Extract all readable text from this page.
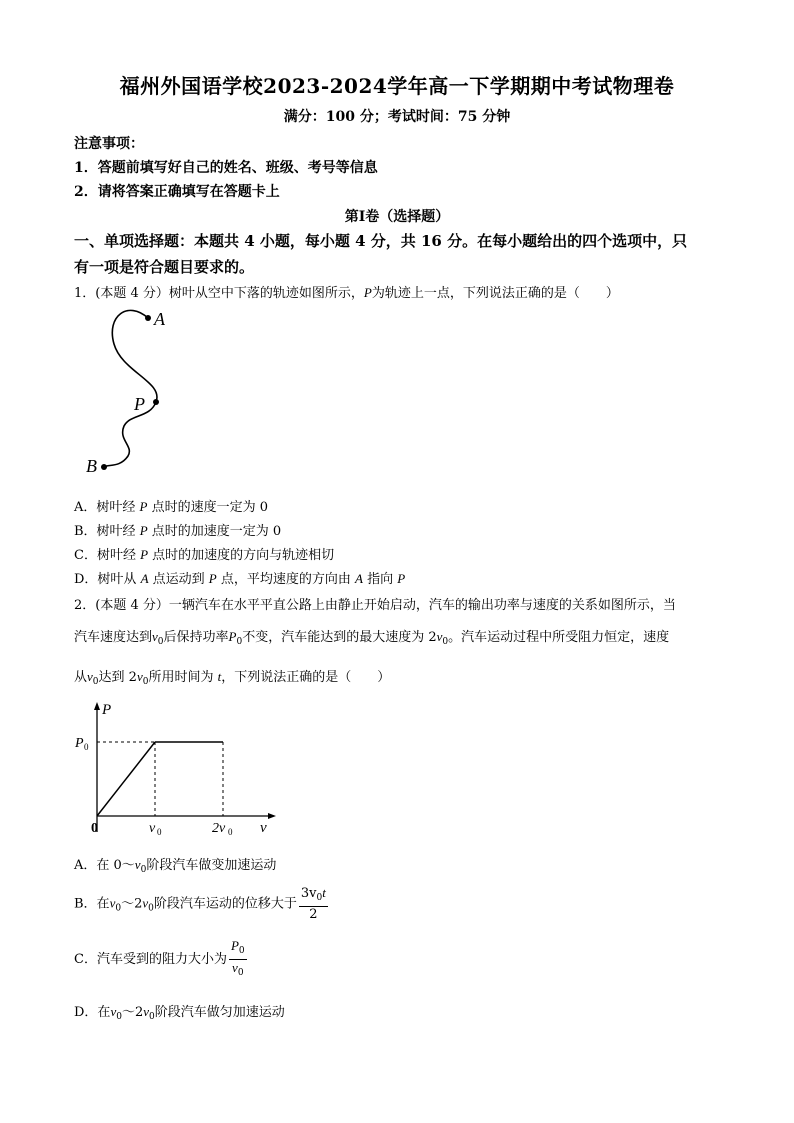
福州外国语学校2023-2024学年高一下学期期中考试物理卷
满分：100 分；考试时间：75 分钟
注意事项：
1．答题前填写好自己的姓名、班级、考号等信息
2．请将答案正确填写在答题卡上
第Ⅰ卷（选择题）
一、单项选择题：本题共 4 小题，每小题 4 分，共 16 分。在每小题给出的四个选项中，只
有一项是符合题目要求的。
1．(本题 4 分）树叶从空中下落的轨迹如图所示，P为轨迹上一点，下列说法正确的是（　　）
A
P
B
A．树叶经 P 点时的速度一定为 0
B．树叶经 P 点时的加速度一定为 0
C．树叶经 P 点时的加速度的方向与轨迹相切
D．树叶从 A 点运动到 P 点，平均速度的方向由 A 指向 P
2．(本题 4 分）一辆汽车在水平平直公路上由静止开始启动，汽车的输出功率与速度的关系如图所示，当
汽车速度达到$v_0$后保持功率$P_0$不变，汽车能达到的最大速度为 $2v_0$。汽车运动过程中所受阻力恒定，速度
从$v_0$达到 $2v_0$所用时间为 t，下列说法正确的是（　　）
P
v
0
P 0
v 0	2v 0
A．在 $0\sim v_0$阶段汽车做变加速运动
B．在$v_0\sim 2v_0$阶段汽车运动的位移大于 $\frac{3v_0t}{2}$
C．汽车受到的阻力大小为 $\frac{P_0}{v_0}$
D．在$v_0\sim 2v_0$阶段汽车做匀加速运动
